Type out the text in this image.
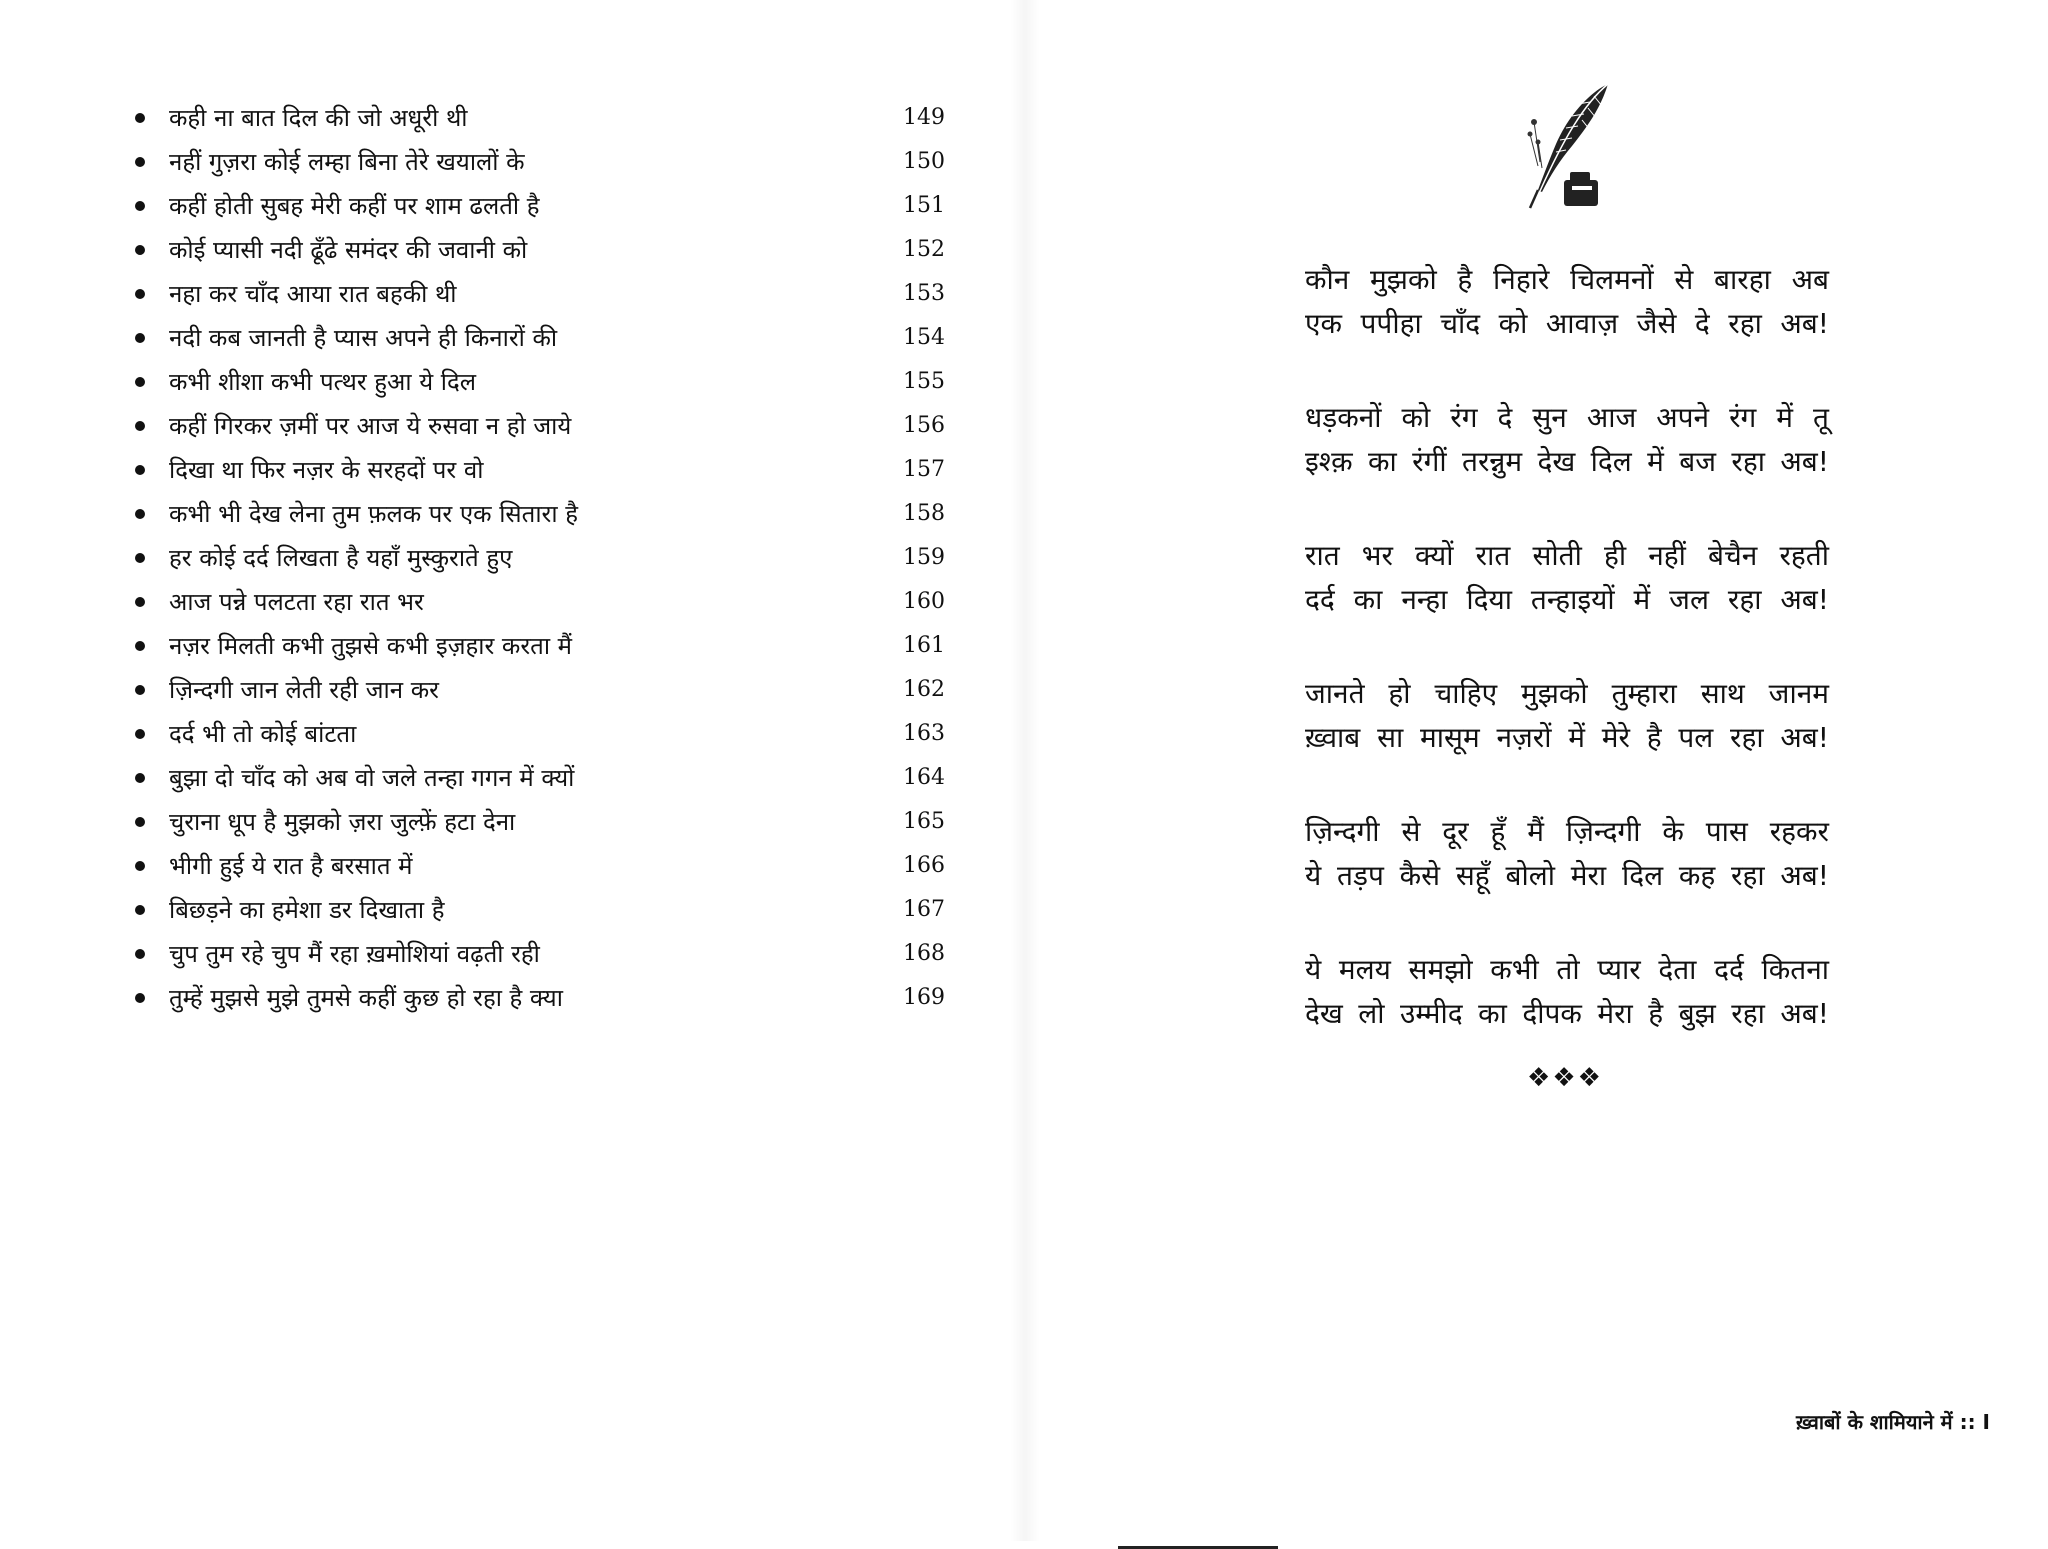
कही ना बात दिल की जो अधूरी थी	149
नहीं गुज़रा कोई लम्हा बिना तेरे खयालों के	150
कहीं होती सुबह मेरी कहीं पर शाम ढलती है	151
कोई प्यासी नदी ढूँढे समंदर की जवानी को	152
नहा कर चाँद आया रात बहकी थी	153
नदी कब जानती है प्यास अपने ही किनारों की	154
कभी शीशा कभी पत्थर हुआ ये दिल	155
कहीं गिरकर ज़मीं पर आज ये रुसवा न हो जाये	156
दिखा था फिर नज़र के सरहदों पर वो	157
कभी भी देख लेना तुम फ़लक पर एक सितारा है	158
हर कोई दर्द लिखता है यहाँ मुस्कुराते हुए	159
आज पन्ने पलटता रहा रात भर	160
नज़र मिलती कभी तुझसे कभी इज़हार करता मैं	161
ज़िन्दगी जान लेती रही जान कर	162
दर्द भी तो कोई बांटता	163
बुझा दो चाँद को अब वो जले तन्हा गगन में क्यों	164
चुराना धूप है मुझको ज़रा जुल्फ़ें हटा देना	165
भीगी हुई ये रात है बरसात में	166
बिछड़ने का हमेशा डर दिखाता है	167
चुप तुम रहे चुप मैं रहा ख़मोशियां वढ़ती रही	168
तुम्हें मुझसे मुझे तुमसे कहीं कुछ हो रहा है क्या	169
कौन मुझको है निहारे चिलमनों से बारहा अब
एक पपीहा चाँद को आवाज़ जैसे दे रहा अब!
धड़कनों को रंग दे सुन आज अपने रंग में तू
इश्क़ का रंगीं तरन्नुम देख दिल में बज रहा अब!
रात भर क्यों रात सोती ही नहीं बेचैन रहती
दर्द का नन्हा दिया तन्हाइयों में जल रहा अब!
जानते हो चाहिए मुझको तुम्हारा साथ जानम
ख़्वाब सा मासूम नज़रों में मेरे है पल रहा अब!
ज़िन्दगी से दूर हूँ मैं ज़िन्दगी के पास रहकर
ये तड़प कैसे सहूँ बोलो मेरा दिल कह रहा अब!
ये मलय समझो कभी तो प्यार देता दर्द कितना
देख लो उम्मीद का दीपक मेरा है बुझ रहा अब!
❖❖❖
ख़्वाबों के शामियाने में :: I
